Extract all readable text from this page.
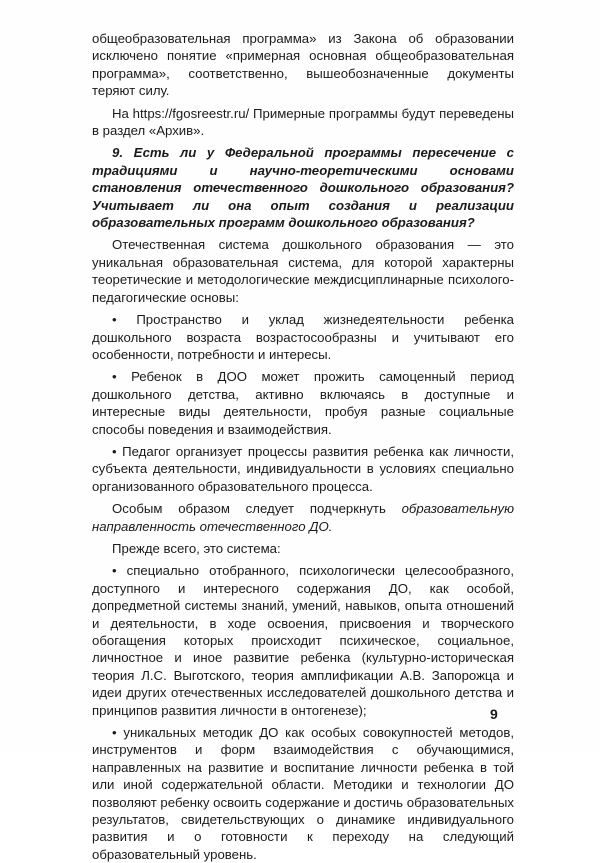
общеобразовательная программа» из Закона об образовании исключено понятие «примерная основная общеобразовательная программа», соответственно, вышеобозначенные документы теряют силу.

На https://fgosreestr.ru/ Примерные программы будут переведены в раздел «Архив».

9. Есть ли у Федеральной программы пересечение с традициями и научно-теоретическими основами становления отечественного дошкольного образования? Учитывает ли она опыт создания и реализации образовательных программ дошкольного образования?

Отечественная система дошкольного образования — это уникальная образовательная система, для которой характерны теоретические и методологические междисциплинарные психолого-педагогические основы:

• Пространство и уклад жизнедеятельности ребенка дошкольного возраста возрастосообразны и учитывают его особенности, потребности и интересы.

• Ребенок в ДОО может прожить самоценный период дошкольного детства, активно включаясь в доступные и интересные виды деятельности, пробуя разные социальные способы поведения и взаимодействия.

• Педагог организует процессы развития ребенка как личности, субъекта деятельности, индивидуальности в условиях специально организованного образовательного процесса.

Особым образом следует подчеркнуть образовательную направленность отечественного ДО.

Прежде всего, это система:

• специально отобранного, психологически целесообразного, доступного и интересного содержания ДО, как особой, допредметной системы знаний, умений, навыков, опыта отношений и деятельности, в ходе освоения, присвоения и творческого обогащения которых происходит психическое, социальное, личностное и иное развитие ребенка (культурно-историческая теория Л.С. Выготского, теория амплификации А.В. Запорожца и идеи других отечественных исследователей дошкольного детства и принципов развития личности в онтогенезе);

• уникальных методик ДО как особых совокупностей методов, инструментов и форм взаимодействия с обучающимися, направленных на развитие и воспитание личности ребенка в той или иной содержательной области. Методики и технологии ДО позволяют ребенку освоить содержание и достичь образовательных результатов, свидетельствующих о динамике индивидуального развития и о готовности к переходу на следующий образовательный уровень.

9
